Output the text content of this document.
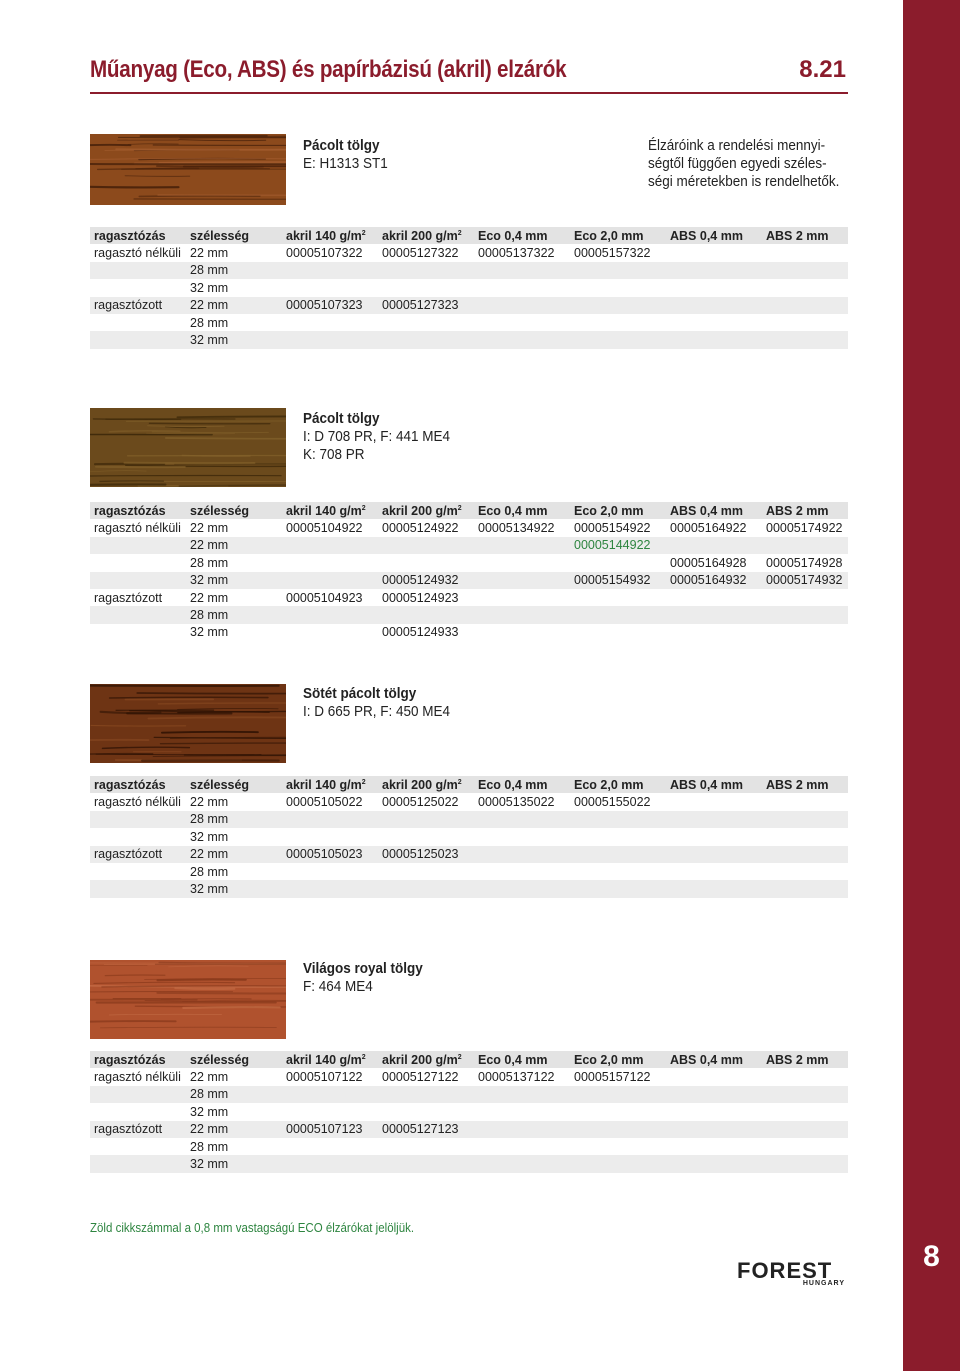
8
Műanyag (Eco, ABS) és papírbázisú (akril) elzárók	8.21
Pácolt tölgy
E: H1313 ST1
Élzáróink a rendelési mennyi-
ségtől függően egyedi széles-
ségi méretekben is rendelhetők.
ragasztózás	szélesség	akril 140 $g/m^2$	akril 200 $g/m^2$	Eco 0,4 mm	Eco 2,0 mm	ABS 0,4 mm	ABS 2 mm
ragasztó nélküli	22 mm	00005107322	00005127322	00005137322	00005157322		
	28 mm						
	32 mm						
ragasztózott	22 mm	00005107323	00005127323				
	28 mm						
	32 mm						
Pácolt tölgy
I: D 708 PR, F: 441 ME4
K: 708 PR
ragasztózás	szélesség	akril 140 $g/m^2$	akril 200 $g/m^2$	Eco 0,4 mm	Eco 2,0 mm	ABS 0,4 mm	ABS 2 mm
ragasztó nélküli	22 mm	00005104922	00005124922	00005134922	00005154922	00005164922	00005174922
	22 mm				00005144922		
	28 mm					00005164928	00005174928
	32 mm		00005124932		00005154932	00005164932	00005174932
ragasztózott	22 mm	00005104923	00005124923				
	28 mm						
	32 mm		00005124933				
Sötét pácolt tölgy
I: D 665 PR, F: 450 ME4
ragasztózás	szélesség	akril 140 $g/m^2$	akril 200 $g/m^2$	Eco 0,4 mm	Eco 2,0 mm	ABS 0,4 mm	ABS 2 mm
ragasztó nélküli	22 mm	00005105022	00005125022	00005135022	00005155022		
	28 mm						
	32 mm						
ragasztózott	22 mm	00005105023	00005125023				
	28 mm						
	32 mm						
Világos royal tölgy
F: 464 ME4
ragasztózás	szélesség	akril 140 $g/m^2$	akril 200 $g/m^2$	Eco 0,4 mm	Eco 2,0 mm	ABS 0,4 mm	ABS 2 mm
ragasztó nélküli	22 mm	00005107122	00005127122	00005137122	00005157122		
	28 mm						
	32 mm						
ragasztózott	22 mm	00005107123	00005127123				
	28 mm						
	32 mm						
Zöld cikkszámmal a 0,8 mm vastagságú ECO élzárókat jelöljük.
FOREST
HUNGARY
